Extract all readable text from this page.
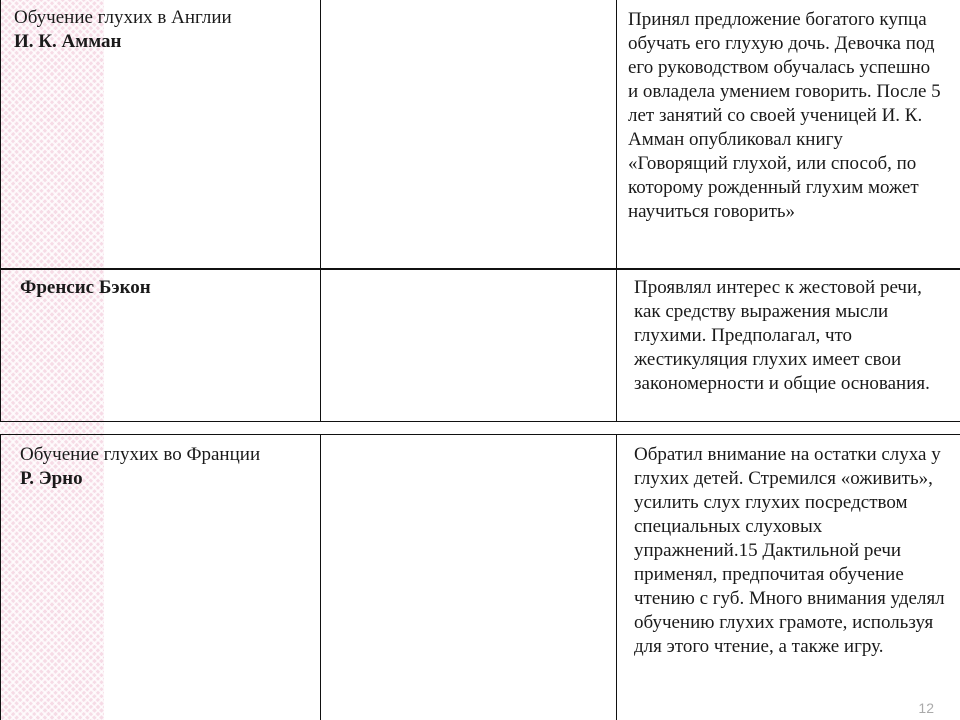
Обучение глухих в Англии
И. К. Амман
Принял предложение богатого купца обучать его глухую дочь. Девочка под его руководством обучалась успешно и овладела умением говорить. После 5 лет занятий со своей ученицей И. К. Амман опубликовал книгу «Говорящий глухой, или способ, по которому рожденный глухим может научиться говорить»
Френсис Бэкон	Проявлял интерес к жестовой речи, как средству выражения мысли глухими. Предполагал, что жестикуляция глухих имеет свои закономерности и общие основания.
Обучение глухих во Франции
Р. Эрно
Обратил внимание на остатки слуха у глухих детей. Стремился «оживить», усилить слух глухих посредством специальных слуховых упражнений.15 Дактильной речи применял, предпочитая обучение чтению с губ. Много внимания уделял обучению глухих грамоте, используя для этого чтение, а также игру.
12
